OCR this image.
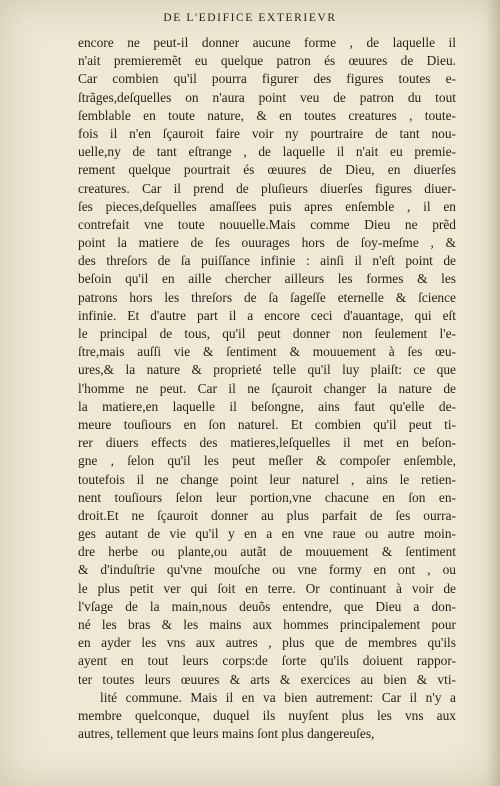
DE L'EDIFICE EXTERIEVR
encore ne peut-il donner aucune forme , de laquelle il
n'ait premieremẽt eu quelque patron és œuures de Dieu.
Car combien qu'il pourra figurer des figures toutes e-
ſtrãges,deſquelles on n'aura point veu de patron du tout
ſemblable en toute nature, & en toutes creatures , toute-
fois il n'en ſçauroit faire voir ny pourtraire de tant nou-
uelle,ny de tant eſtrange , de laquelle il n'ait eu premie-
rement quelque pourtrait és œuures de Dieu, en diuerſes
creatures. Car il prend de pluſieurs diuerſes figures diuer-
ſes pieces,deſquelles amaſſees puis apres enſemble , il en
contrefait vne toute nouuelle.Mais comme Dieu ne prẽd
point la matiere de ſes ouurages hors de ſoy-meſme , &
des threſors de ſa puiſſance infinie : ainſi il n'eſt point de
beſoin qu'il en aille chercher ailleurs les formes & les
patrons hors les threſors de ſa ſageſſe eternelle & ſcience
infinie. Et d'autre part il a encore ceci d'auantage, qui eſt
le principal de tous, qu'il peut donner non ſeulement l'e-
ſtre,mais auſſi vie & ſentiment & mouuement à ſes œu-
ures,& la nature & proprieté telle qu'il luy plaiſt: ce que
l'homme ne peut. Car il ne ſçauroit changer la nature de
la matiere,en laquelle il beſongne, ains faut qu'elle de-
meure touſiours en ſon naturel. Et combien qu'il peut ti-
rer diuers effects des matieres,leſquelles il met en beſon-
gne , ſelon qu'il les peut meſler & compoſer enſemble,
toutefois il ne change point leur naturel , ains le retien-
nent touſiours ſelon leur portion,vne chacune en ſon en-
droit.Et ne ſçauroit donner au plus parfait de ſes ourra-
ges autant de vie qu'il y en a en vne raue ou autre moin-
dre herbe ou plante,ou autãt de mouuement & ſentiment
& d'induſtrie qu'vne mouſche ou vne formy en ont , ou
le plus petit ver qui ſoit en terre. Or continuant à voir de
l'vſage de la main,nous deuõs entendre, que Dieu a don-
né les bras & les mains aux hommes principalement pour
en ayder les vns aux autres , plus que de membres qu'ils
ayent en tout leurs corps:de ſorte qu'ils doiuent rappor-
ter toutes leurs œuures & arts & exercices au bien & vti-
lité commune. Mais il en va bien autrement: Car il n'y a
membre quelconque, duquel ils nuyſent plus les vns aux
autres, tellement que leurs mains ſont plus dangereuſes,
